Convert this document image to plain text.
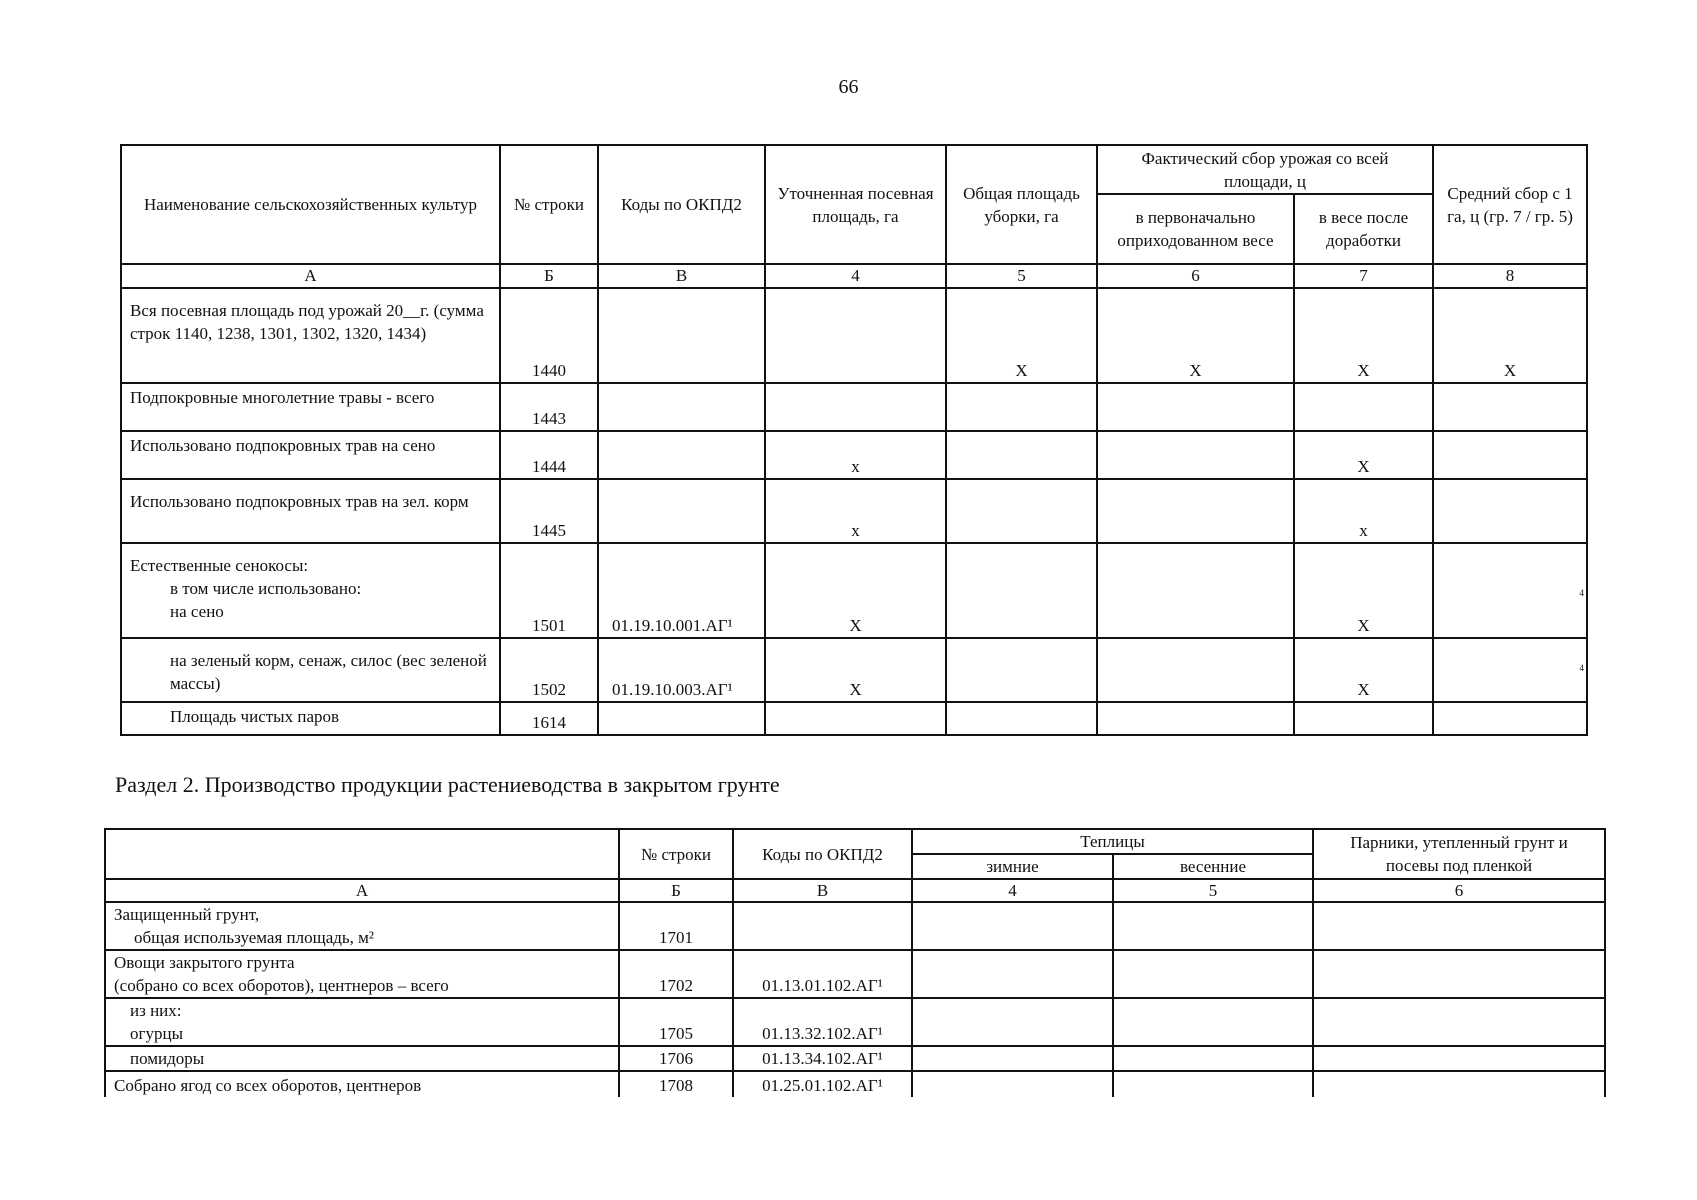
66
Наименование сельскохозяйственных культур	№ строки	Коды по ОКПД2	Уточненная посевная площадь, га	Общая площадь уборки, га	Фактический сбор урожая со всей площади, ц		Средний сбор с 1 га, ц (гр. 7 / гр. 5)
					в первоначально оприходованном весе	в весе после доработки	
А	Б	В	4	5	6	7	8
Вся посевная площадь под урожай 20__г. (сумма строк 1140, 1238, 1301, 1302, 1320, 1434)	1440			X	X	X	X
Подпокровные многолетние травы - всего	1443						
Использовано подпокровных трав на сено	1444		x			X	
Использовано подпокровных трав на зел. корм	1445		x			x	

Естественные сенокосы:
в том числе использовано:
на сено	1501	01.19.10.001.АГ¹	X			X	4

на зеленый корм, сенаж, силос (вес зеленой массы)	1502	01.19.10.003.АГ¹	X			X	4

Площадь чистых паров	1614						
Раздел 2. Производство продукции растениеводства в закрытом грунте
	№ строки	Коды по ОКПД2	Теплицы		Парники, утепленный грунт и посевы под пленкой
			зимние	весенние	
А	Б	В	4	5	6

Защищенный грунт,
общая используемая площадь, м²	1701				

Овощи закрытого грунта
(собрано со всех оборотов), центнеров – всего	1702	01.13.01.102.АГ¹			

из них:
огурцы	1705	01.13.32.102.АГ¹			

помидоры	1706	01.13.34.102.АГ¹			
Собрано ягод со всех оборотов, центнеров	1708	01.25.01.102.АГ¹			
